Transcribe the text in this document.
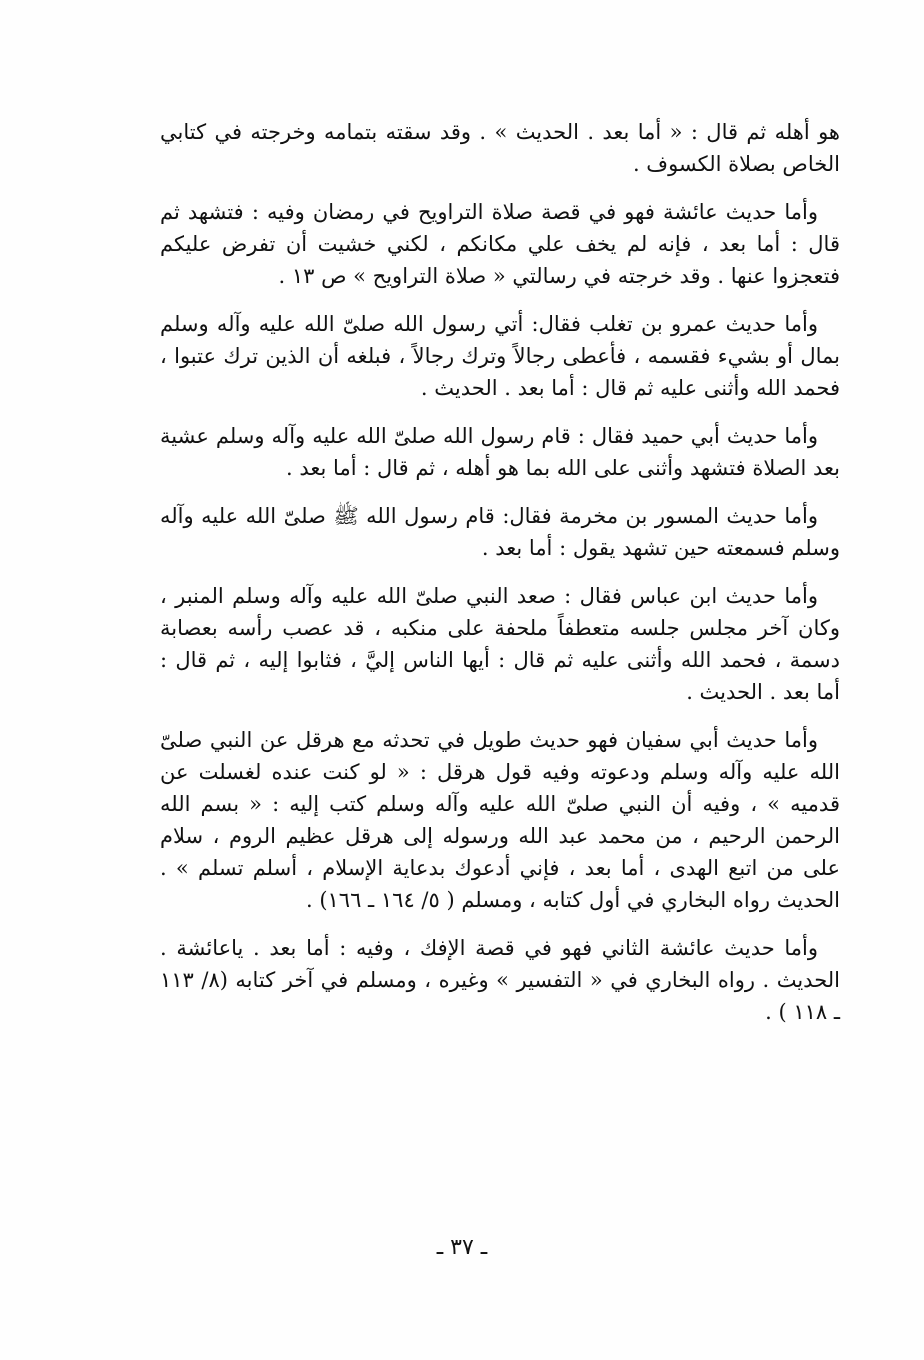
هو أهله ثم قال : « أما بعد . الحديث » . وقد سقته بتمامه وخرجته في كتابي الخاص بصلاة الكسوف .

وأما حديث عائشة فهو في قصة صلاة التراويح في رمضان وفيه : فتشهد ثم قال : أما بعد ، فإنه لم يخف علي مكانكم ، لكني خشيت أن تفرض عليكم فتعجزوا عنها . وقد خرجته في رسالتي « صلاة التراويح » ص ١٣ .

وأما حديث عمرو بن تغلب فقال: أتي رسول الله صلىّ الله عليه وآله وسلم بمال أو بشيء فقسمه ، فأعطى رجالاً وترك رجالاً ، فبلغه أن الذين ترك عتبوا ، فحمد الله وأثنى عليه ثم قال : أما بعد . الحديث .

وأما حديث أبي حميد فقال : قام رسول الله صلىّ الله عليه وآله وسلم عشية بعد الصلاة فتشهد وأثنى على الله بما هو أهله ، ثم قال : أما بعد .

وأما حديث المسور بن مخرمة فقال: قام رسول الله ﷺ صلىّ الله عليه وآله وسلم فسمعته حين تشهد يقول : أما بعد .

وأما حديث ابن عباس فقال : صعد النبي صلىّ الله عليه وآله وسلم المنبر ، وكان آخر مجلس جلسه متعطفاً ملحفة على منكبه ، قد عصب رأسه بعصابة دسمة ، فحمد الله وأثنى عليه ثم قال : أيها الناس إليَّ ، فثابوا إليه ، ثم قال : أما بعد . الحديث .

وأما حديث أبي سفيان فهو حديث طويل في تحدثه مع هرقل عن النبي صلىّ الله عليه وآله وسلم ودعوته وفيه قول هرقل : « لو كنت عنده لغسلت عن قدميه » ، وفيه أن النبي صلىّ الله عليه وآله وسلم كتب إليه : « بسم الله الرحمن الرحيم ، من محمد عبد الله ورسوله إلى هرقل عظيم الروم ، سلام على من اتبع الهدى ، أما بعد ، فإني أدعوك بدعاية الإسلام ، أسلم تسلم » . الحديث رواه البخاري في أول كتابه ، ومسلم ( ٥/ ١٦٤ ـ ١٦٦) .

وأما حديث عائشة الثاني فهو في قصة الإفك ، وفيه : أما بعد . ياعائشة . الحديث . رواه البخاري في « التفسير » وغيره ، ومسلم في آخر كتابه (٨/ ١١٣ ـ ١١٨ ) .

ـ ٣٧ ـ
